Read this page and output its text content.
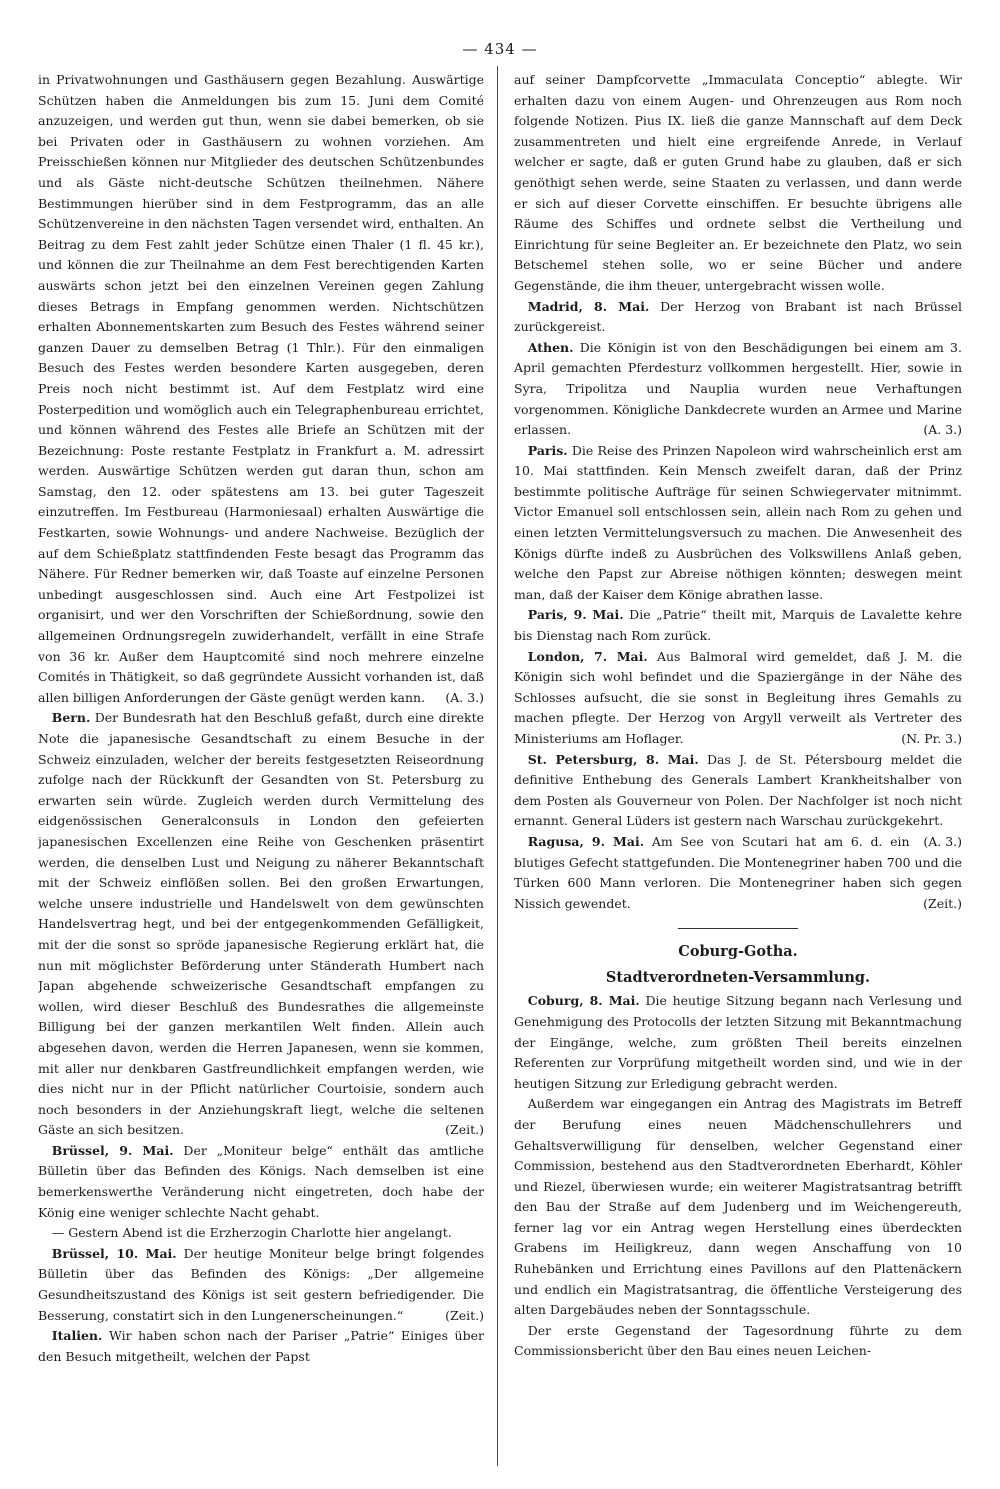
— 434 —

in Privatwohnungen und Gasthäusern gegen Bezahlung. Auswärtige Schützen haben die Anmeldungen bis zum 15. Juni dem Comité anzuzeigen, und werden gut thun, wenn sie dabei bemerken, ob sie bei Privaten oder in Gasthäusern zu wohnen vorziehen. Am Preisschießen können nur Mitglieder des deutschen Schützenbundes und als Gäste nicht-deutsche Schützen theilnehmen. Nähere Bestimmungen hierüber sind in dem Festprogramm, das an alle Schützenvereine in den nächsten Tagen versendet wird, enthalten. An Beitrag zu dem Fest zahlt jeder Schütze einen Thaler (1 fl. 45 kr.), und können die zur Theilnahme an dem Fest berechtigenden Karten auswärts schon jetzt bei den einzelnen Vereinen gegen Zahlung dieses Betrags in Empfang genommen werden. Nichtschützen erhalten Abonnementskarten zum Besuch des Festes während seiner ganzen Dauer zu demselben Betrag (1 Thlr.). Für den einmaligen Besuch des Festes werden besondere Karten ausgegeben, deren Preis noch nicht bestimmt ist. Auf dem Festplatz wird eine Posterpedition und womöglich auch ein Telegraphenbureau errichtet, und können während des Festes alle Briefe an Schützen mit der Bezeichnung: Poste restante Festplatz in Frankfurt a. M. adressirt werden. Auswärtige Schützen werden gut daran thun, schon am Samstag, den 12. oder spätestens am 13. bei guter Tageszeit einzutreffen. Im Festbureau (Harmoniesaal) erhalten Auswärtige die Festkarten, sowie Wohnungs- und andere Nachweise. Bezüglich der auf dem Schießplatz stattfindenden Feste besagt das Programm das Nähere. Für Redner bemerken wir, daß Toaste auf einzelne Personen unbedingt ausgeschlossen sind. Auch eine Art Festpolizei ist organisirt, und wer den Vorschriften der Schießordnung, sowie den allgemeinen Ordnungsregeln zuwiderhandelt, verfällt in eine Strafe von 36 kr. Außer dem Hauptcomité sind noch mehrere einzelne Comités in Thätigkeit, so daß gegründete Aussicht vorhanden ist, daß allen billigen Anforderungen der Gäste genügt werden kann. (A. 3.)

Bern. Der Bundesrath hat den Beschluß gefaßt, durch eine direkte Note die japanesische Gesandtschaft zu einem Besuche in der Schweiz einzuladen, welcher der bereits festgesetzten Reiseordnung zufolge nach der Rückkunft der Gesandten von St. Petersburg zu erwarten sein würde. Zugleich werden durch Vermittelung des eidgenössischen Generalconsuls in London den gefeierten japanesischen Excellenzen eine Reihe von Geschenken präsentirt werden, die denselben Lust und Neigung zu näherer Bekanntschaft mit der Schweiz einflößen sollen. Bei den großen Erwartungen, welche unsere industrielle und Handelswelt von dem gewünschten Handelsvertrag hegt, und bei der entgegenkommenden Gefälligkeit, mit der die sonst so spröde japanesische Regierung erklärt hat, die nun mit möglichster Beförderung unter Ständerath Humbert nach Japan abgehende schweizerische Gesandtschaft empfangen zu wollen, wird dieser Beschluß des Bundesrathes die allgemeinste Billigung bei der ganzen merkantilen Welt finden. Allein auch abgesehen davon, werden die Herren Japanesen, wenn sie kommen, mit aller nur denkbaren Gastfreundlichkeit empfangen werden, wie dies nicht nur in der Pflicht natürlicher Courtoisie, sondern auch noch besonders in der Anziehungskraft liegt, welche die seltenen Gäste an sich besitzen.	(Zeit.)

Brüssel, 9. Mai. Der „Moniteur belge“ enthält das amtliche Bülletin über das Befinden des Königs. Nach demselben ist eine bemerkenswerthe Veränderung nicht eingetreten, doch habe der König eine weniger schlechte Nacht gehabt.

— Gestern Abend ist die Erzherzogin Charlotte hier angelangt.

Brüssel, 10. Mai. Der heutige Moniteur belge bringt folgendes Bülletin über das Befinden des Königs: „Der allgemeine Gesundheitszustand des Königs ist seit gestern befriedigender. Die Besserung, constatirt sich in den Lungenerscheinungen.“	(Zeit.)

Italien. Wir haben schon nach der Pariser „Patrie“ Einiges über den Besuch mitgetheilt, welchen der Papst

auf seiner Dampfcorvette „Immaculata Conceptio“ ablegte. Wir erhalten dazu von einem Augen- und Ohrenzeugen aus Rom noch folgende Notizen. Pius IX. ließ die ganze Mannschaft auf dem Deck zusammentreten und hielt eine ergreifende Anrede, in Verlauf welcher er sagte, daß er guten Grund habe zu glauben, daß er sich genöthigt sehen werde, seine Staaten zu verlassen, und dann werde er sich auf dieser Corvette einschiffen. Er besuchte übrigens alle Räume des Schiffes und ordnete selbst die Vertheilung und Einrichtung für seine Begleiter an. Er bezeichnete den Platz, wo sein Betschemel stehen solle, wo er seine Bücher und andere Gegenstände, die ihm theuer, untergebracht wissen wolle.

Madrid, 8. Mai. Der Herzog von Brabant ist nach Brüssel zurückgereist.

Athen. Die Königin ist von den Beschädigungen bei einem am 3. April gemachten Pferdesturz vollkommen hergestellt. Hier, sowie in Syra, Tripolitza und Nauplia wurden neue Verhaftungen vorgenommen. Königliche Dankdecrete wurden an Armee und Marine erlassen.	(A. 3.)

Paris. Die Reise des Prinzen Napoleon wird wahrscheinlich erst am 10. Mai stattfinden. Kein Mensch zweifelt daran, daß der Prinz bestimmte politische Aufträge für seinen Schwiegervater mitnimmt. Victor Emanuel soll entschlossen sein, allein nach Rom zu gehen und einen letzten Vermittelungsversuch zu machen. Die Anwesenheit des Königs dürfte indeß zu Ausbrüchen des Volkswillens Anlaß geben, welche den Papst zur Abreise nöthigen könnten; deswegen meint man, daß der Kaiser dem Könige abrathen lasse.

Paris, 9. Mai. Die „Patrie“ theilt mit, Marquis de Lavalette kehre bis Dienstag nach Rom zurück.

London, 7. Mai. Aus Balmoral wird gemeldet, daß J. M. die Königin sich wohl befindet und die Spaziergänge in der Nähe des Schlosses aufsucht, die sie sonst in Begleitung ihres Gemahls zu machen pflegte. Der Herzog von Argyll verweilt als Vertreter des Ministeriums am Hoflager.	(N. Pr. 3.)

St. Petersburg, 8. Mai. Das J. de St. Pétersbourg meldet die definitive Enthebung des Generals Lambert Krankheitshalber von dem Posten als Gouverneur von Polen. Der Nachfolger ist noch nicht ernannt. General Lüders ist gestern nach Warschau zurückgekehrt.
(A. 3.)

Ragusa, 9. Mai. Am See von Scutari hat am 6. d. ein blutiges Gefecht stattgefunden. Die Montenegriner haben 700 und die Türken 600 Mann verloren. Die Montenegriner haben sich gegen Nissich gewendet.	(Zeit.)

Coburg-Gotha.

Stadtverordneten-Versammlung.

Coburg, 8. Mai. Die heutige Sitzung begann nach Verlesung und Genehmigung des Protocolls der letzten Sitzung mit Bekanntmachung der Eingänge, welche, zum größten Theil bereits einzelnen Referenten zur Vorprüfung mitgetheilt worden sind, und wie in der heutigen Sitzung zur Erledigung gebracht werden.

Außerdem war eingegangen ein Antrag des Magistrats im Betreff der Berufung eines neuen Mädchenschullehrers und Gehaltsverwilligung für denselben, welcher Gegenstand einer Commission, bestehend aus den Stadtverordneten Eberhardt, Köhler und Riezel, überwiesen wurde; ein weiterer Magistratsantrag betrifft den Bau der Straße auf dem Judenberg und im Weichengereuth, ferner lag vor ein Antrag wegen Herstellung eines überdeckten Grabens im Heiligkreuz, dann wegen Anschaffung von 10 Ruhebänken und Errichtung eines Pavillons auf den Plattenäckern und endlich ein Magistratsantrag, die öffentliche Versteigerung des alten Dargebäudes neben der Sonntagsschule.

Der erste Gegenstand der Tagesordnung führte zu dem Commissionsbericht über den Bau eines neuen Leichen-
